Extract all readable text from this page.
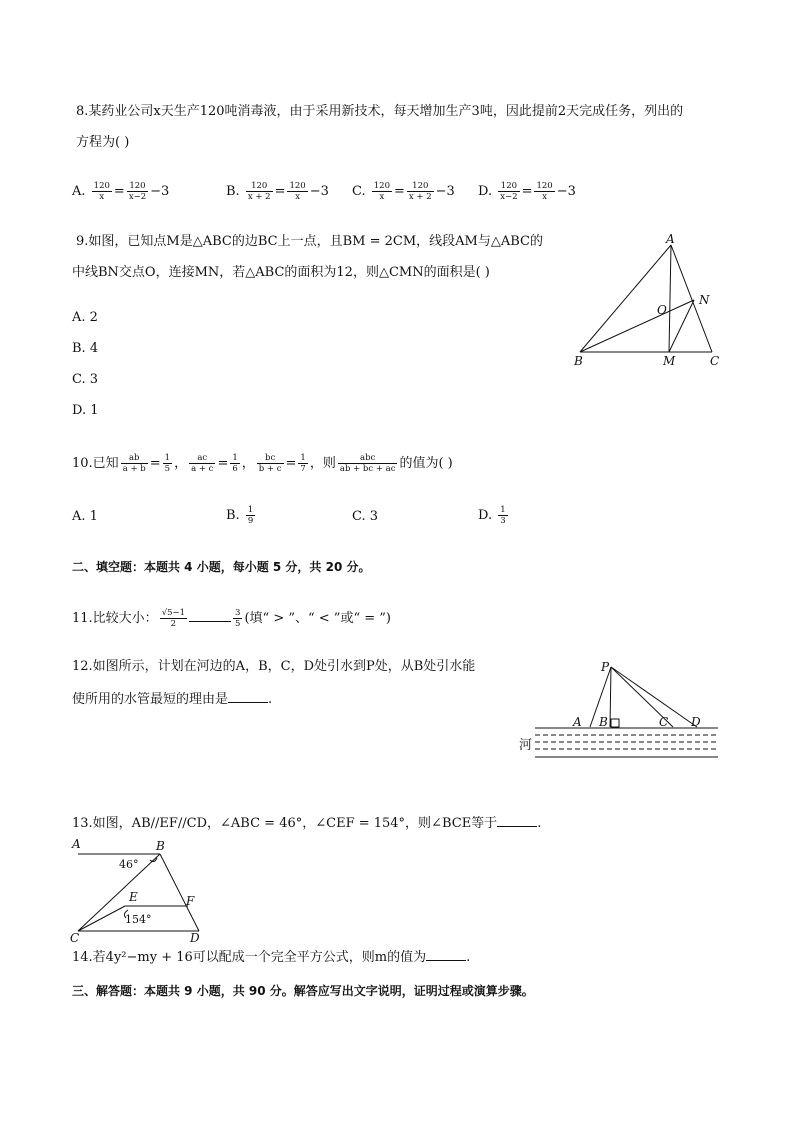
8.某药业公司x天生产120吨消毒液，由于采用新技术，每天增加生产3吨，因此提前2天完成任务，列出的
方程为( )
A. $\frac{120}{x} = \frac{120}{x-2} -3$	B. $\frac{120}{x + 2} = \frac{120}{x} -3$ C. $\frac{120}{x} = \frac{120}{x + 2} -3$ D. $\frac{120}{x-2} = \frac{120}{x} -3$
9.如图，已知点M是△ABC的边BC上一点，且BM = 2CM，线段AM与△ABC的
中线BN交点O，连接MN，若△ABC的面积为12，则△CMN的面积是( )
A. 2
B. 4
C. 3
D. 1
A
B	C
M
N
O
10.已知 $\frac{ab}{a + b} = \frac{1}{5}$ ， $\frac{ac}{a + c} = \frac{1}{6}$ ， $\frac{bc}{b + c} = \frac{1}{7}$ ，则 $\frac{\text{abc}}{ab + bc + ac}$ 的值为( )
A. 1	B. $\frac{1}{9}$	C. 3	D. $\frac{1}{3}$
二、填空题：本题共 4 小题，每小题 5 分，共 20 分。
11.比较大小： $\frac{√5-1}{2}$	$\frac{3}{5}$ (填“ > ”、“ < ”或“ = ”)
12.如图所示，计划在河边的A，B，C，D处引水到P处，从B处引水能
使所用的水管最短的理由是	.
P
A B	C D
河
13.如图，AB//EF//CD，∠ABC = 46°，∠CEF = 154°，则∠BCE等于	.
A	B
C	D
E	F
46°
154°
14.若4y²−my + 16可以配成一个完全平方公式，则m的值为	.
三、解答题：本题共 9 小题，共 90 分。解答应写出文字说明，证明过程或演算步骤。
